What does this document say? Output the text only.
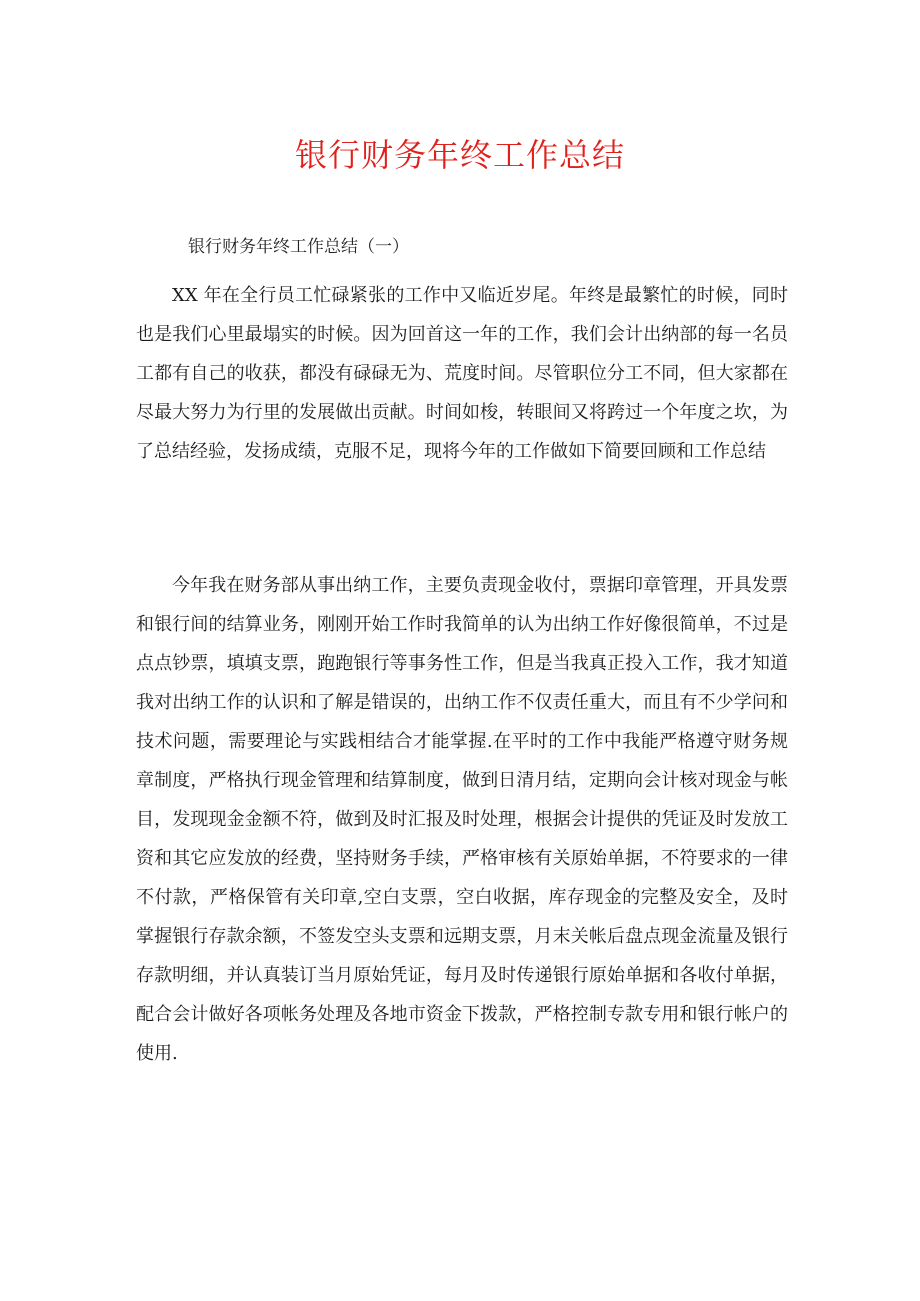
银行财务年终工作总结

银行财务年终工作总结（一）

XX 年在全行员工忙碌紧张的工作中又临近岁尾。年终是最繁忙的时候，同时也是我们心里最塌实的时候。因为回首这一年的工作，我们会计出纳部的每一名员工都有自己的收获，都没有碌碌无为、荒度时间。尽管职位分工不同，但大家都在尽最大努力为行里的发展做出贡献。时间如梭，转眼间又将跨过一个年度之坎，为了总结经验，发扬成绩，克服不足，现将今年的工作做如下简要回顾和工作总结

今年我在财务部从事出纳工作，主要负责现金收付，票据印章管理，开具发票和银行间的结算业务，刚刚开始工作时我简单的认为出纳工作好像很简单，不过是点点钞票，填填支票，跑跑银行等事务性工作，但是当我真正投入工作，我才知道我对出纳工作的认识和了解是错误的，出纳工作不仅责任重大，而且有不少学问和技术问题，需要理论与实践相结合才能掌握.在平时的工作中我能严格遵守财务规章制度，严格执行现金管理和结算制度，做到日清月结，定期向会计核对现金与帐目，发现现金金额不符，做到及时汇报及时处理，根据会计提供的凭证及时发放工资和其它应发放的经费，坚持财务手续，严格审核有关原始单据，不符要求的一律不付款，严格保管有关印章,空白支票，空白收据，库存现金的完整及安全，及时掌握银行存款余额，不签发空头支票和远期支票，月末关帐后盘点现金流量及银行存款明细，并认真装订当月原始凭证，每月及时传递银行原始单据和各收付单据，配合会计做好各项帐务处理及各地市资金下拨款，严格控制专款专用和银行帐户的使用.
